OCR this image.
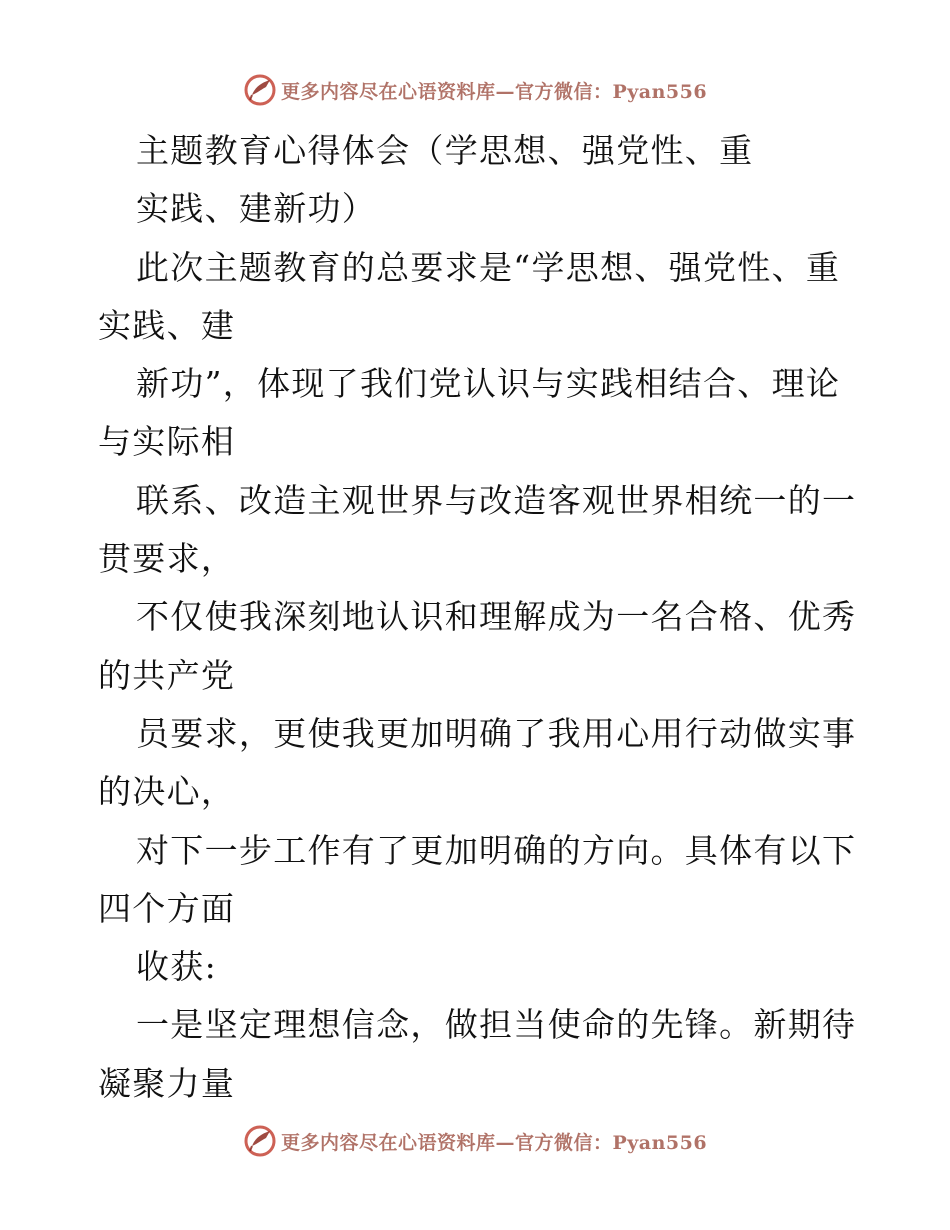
更多内容尽在心语资料库—官方微信：Pyan556
主题教育心得体会（学思想、强党性、重
实践、建新功）
此次主题教育的总要求是“学思想、强党性、重
实践、建
新功”，体现了我们党认识与实践相结合、理论
与实际相
联系、改造主观世界与改造客观世界相统一的一
贯要求，
不仅使我深刻地认识和理解成为一名合格、优秀
的共产党
员要求，更使我更加明确了我用心用行动做实事
的决心，
对下一步工作有了更加明确的方向。具体有以下
四个方面
收获:
一是坚定理想信念，做担当使命的先锋。新期待
凝聚力量
更多内容尽在心语资料库—官方微信：Pyan556
